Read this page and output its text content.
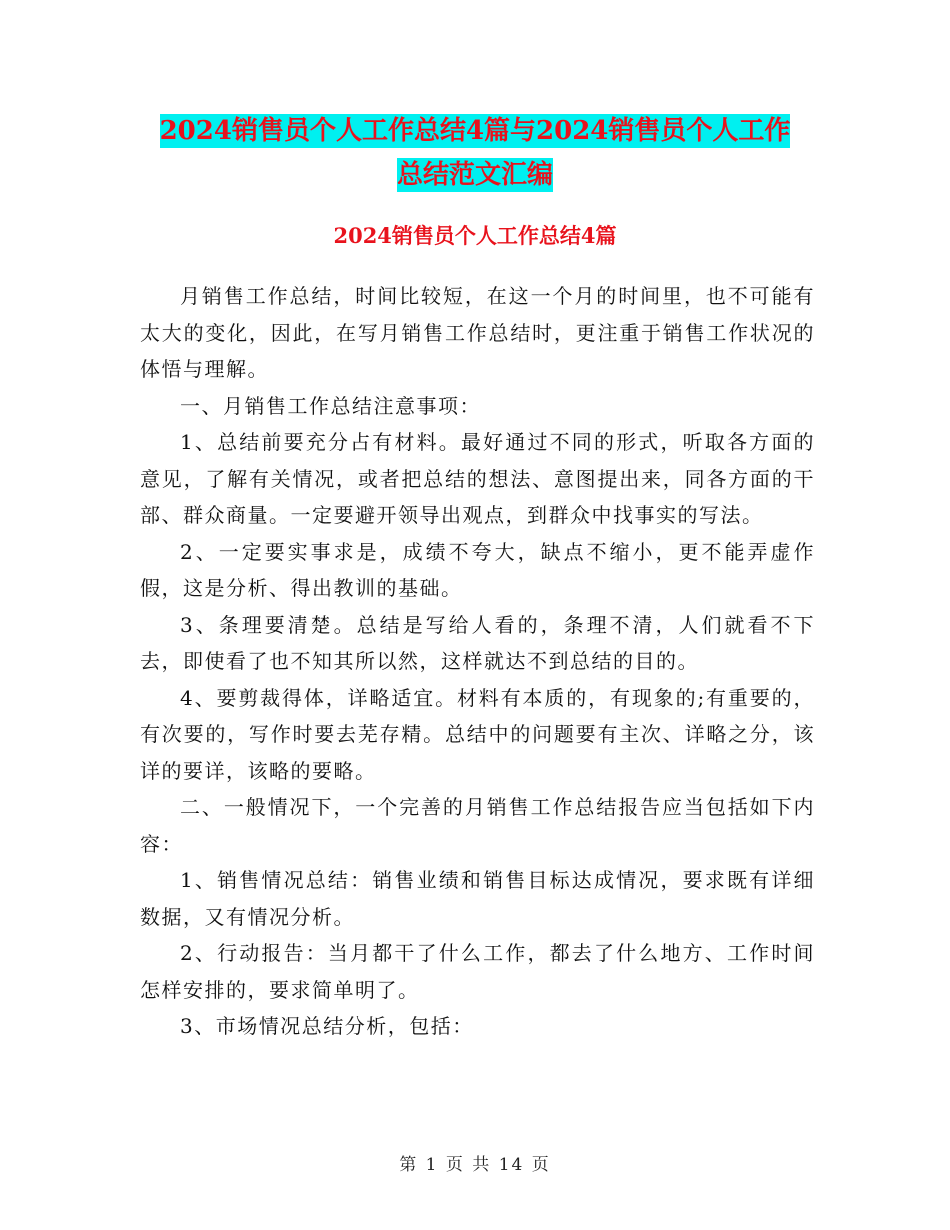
2024销售员个人工作总结4篇与2024销售员个人工作
总结范文汇编
2024销售员个人工作总结4篇

月销售工作总结，时间比较短，在这一个月的时间里，也不可能有太大的变化，因此，在写月销售工作总结时，更注重于销售工作状况的体悟与理解。

一、月销售工作总结注意事项：

1、总结前要充分占有材料。最好通过不同的形式，听取各方面的意见，了解有关情况，或者把总结的想法、意图提出来，同各方面的干部、群众商量。一定要避开领导出观点，到群众中找事实的写法。

2、一定要实事求是，成绩不夸大，缺点不缩小，更不能弄虚作假，这是分析、得出教训的基础。

3、条理要清楚。总结是写给人看的，条理不清，人们就看不下去，即使看了也不知其所以然，这样就达不到总结的目的。

4、要剪裁得体，详略适宜。材料有本质的，有现象的;有重要的，有次要的，写作时要去芜存精。总结中的问题要有主次、详略之分，该详的要详，该略的要略。

二、一般情况下，一个完善的月销售工作总结报告应当包括如下内容：

1、销售情况总结：销售业绩和销售目标达成情况，要求既有详细数据，又有情况分析。

2、行动报告：当月都干了什么工作，都去了什么地方、工作时间怎样安排的，要求简单明了。

3、市场情况总结分析，包括：

第 1 页 共 14 页
